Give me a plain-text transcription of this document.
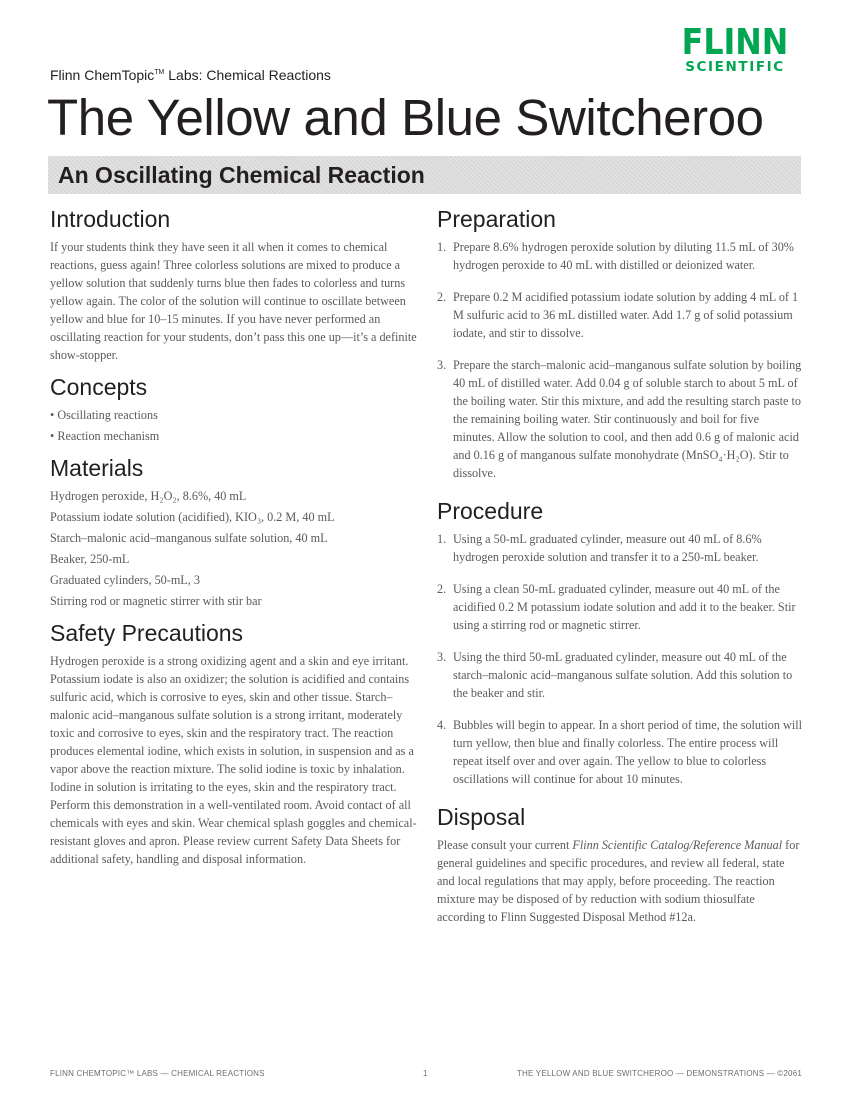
FLINN
SCIENTIFIC
Flinn ChemTopic™ Labs: Chemical Reactions
The Yellow and Blue Switcheroo
An Oscillating Chemical Reaction
Introduction

If your students think they have seen it all when it comes to chemical reactions, guess again! Three colorless solutions are mixed to produce a yellow solution that suddenly turns blue then fades to colorless and turns yellow again. The color of the solution will continue to oscillate between yellow and blue for 10–15 minutes. If you have never performed an oscillating reaction for your students, don’t pass this one up—it’s a definite show-stopper.

Concepts

• Oscillating reactions

• Reaction mechanism

Materials

Hydrogen peroxide, H₂O₂, 8.6%, 40 mL

Potassium iodate solution (acidified), KIO₃, 0.2 M, 40 mL

Starch–malonic acid–manganous sulfate solution, 40 mL

Beaker, 250-mL

Graduated cylinders, 50-mL, 3

Stirring rod or magnetic stirrer with stir bar

Safety Precautions

Hydrogen peroxide is a strong oxidizing agent and a skin and eye irritant. Potassium iodate is also an oxidizer; the solution is acidified and contains sulfuric acid, which is corrosive to eyes, skin and other tissue. Starch–malonic acid–manganous sulfate solution is a strong irritant, moderately toxic and corrosive to eyes, skin and the respiratory tract. The reaction produces elemental iodine, which exists in solution, in suspension and as a vapor above the reaction mixture. The solid iodine is toxic by inhalation. Iodine in solution is irritating to the eyes, skin and the respiratory tract. Perform this demonstration in a well-ventilated room. Avoid contact of all chemicals with eyes and skin. Wear chemical splash goggles and chemical-resistant gloves and apron. Please review current Safety Data Sheets for additional safety, handling and disposal information.

Preparation
1. Prepare 8.6% hydrogen peroxide solution by diluting 11.5 mL of 30% hydrogen peroxide to 40 mL with distilled or deionized water.
2. Prepare 0.2 M acidified potassium iodate solution by adding 4 mL of 1 M sulfuric acid to 36 mL distilled water. Add 1.7 g of solid potassium iodate, and stir to dissolve.
3. Prepare the starch–malonic acid–manganous sulfate solution by boiling 40 mL of distilled water. Add 0.04 g of soluble starch to about 5 mL of the boiling water. Stir this mixture, and add the resulting starch paste to the remaining boiling water. Stir continuously and boil for five minutes. Allow the solution to cool, and then add 0.6 g of malonic acid and 0.16 g of manganous sulfate monohydrate (MnSO₄·H₂O). Stir to dissolve.
Procedure
1. Using a 50-mL graduated cylinder, measure out 40 mL of 8.6% hydrogen peroxide solution and transfer it to a 250-mL beaker.
2. Using a clean 50-mL graduated cylinder, measure out 40 mL of the acidified 0.2 M potassium iodate solution and add it to the beaker. Stir using a stirring rod or magnetic stirrer.
3. Using the third 50-mL graduated cylinder, measure out 40 mL of the starch–malonic acid–manganous sulfate solution. Add this solution to the beaker and stir.
4. Bubbles will begin to appear. In a short period of time, the solution will turn yellow, then blue and finally colorless. The entire process will repeat itself over and over again. The yellow to blue to colorless oscillations will continue for about 10 minutes.
Disposal

Please consult your current Flinn Scientific Catalog/Reference Manual for general guidelines and specific procedures, and review all federal, state and local regulations that may apply, before proceeding. The reaction mixture may be disposed of by reduction with sodium thiosulfate according to Flinn Suggested Disposal Method #12a.

FLINN CHEMTOPIC™ LABS — CHEMICAL REACTIONS	1	THE YELLOW AND BLUE SWITCHEROO — DEMONSTRATIONS — ©2061
